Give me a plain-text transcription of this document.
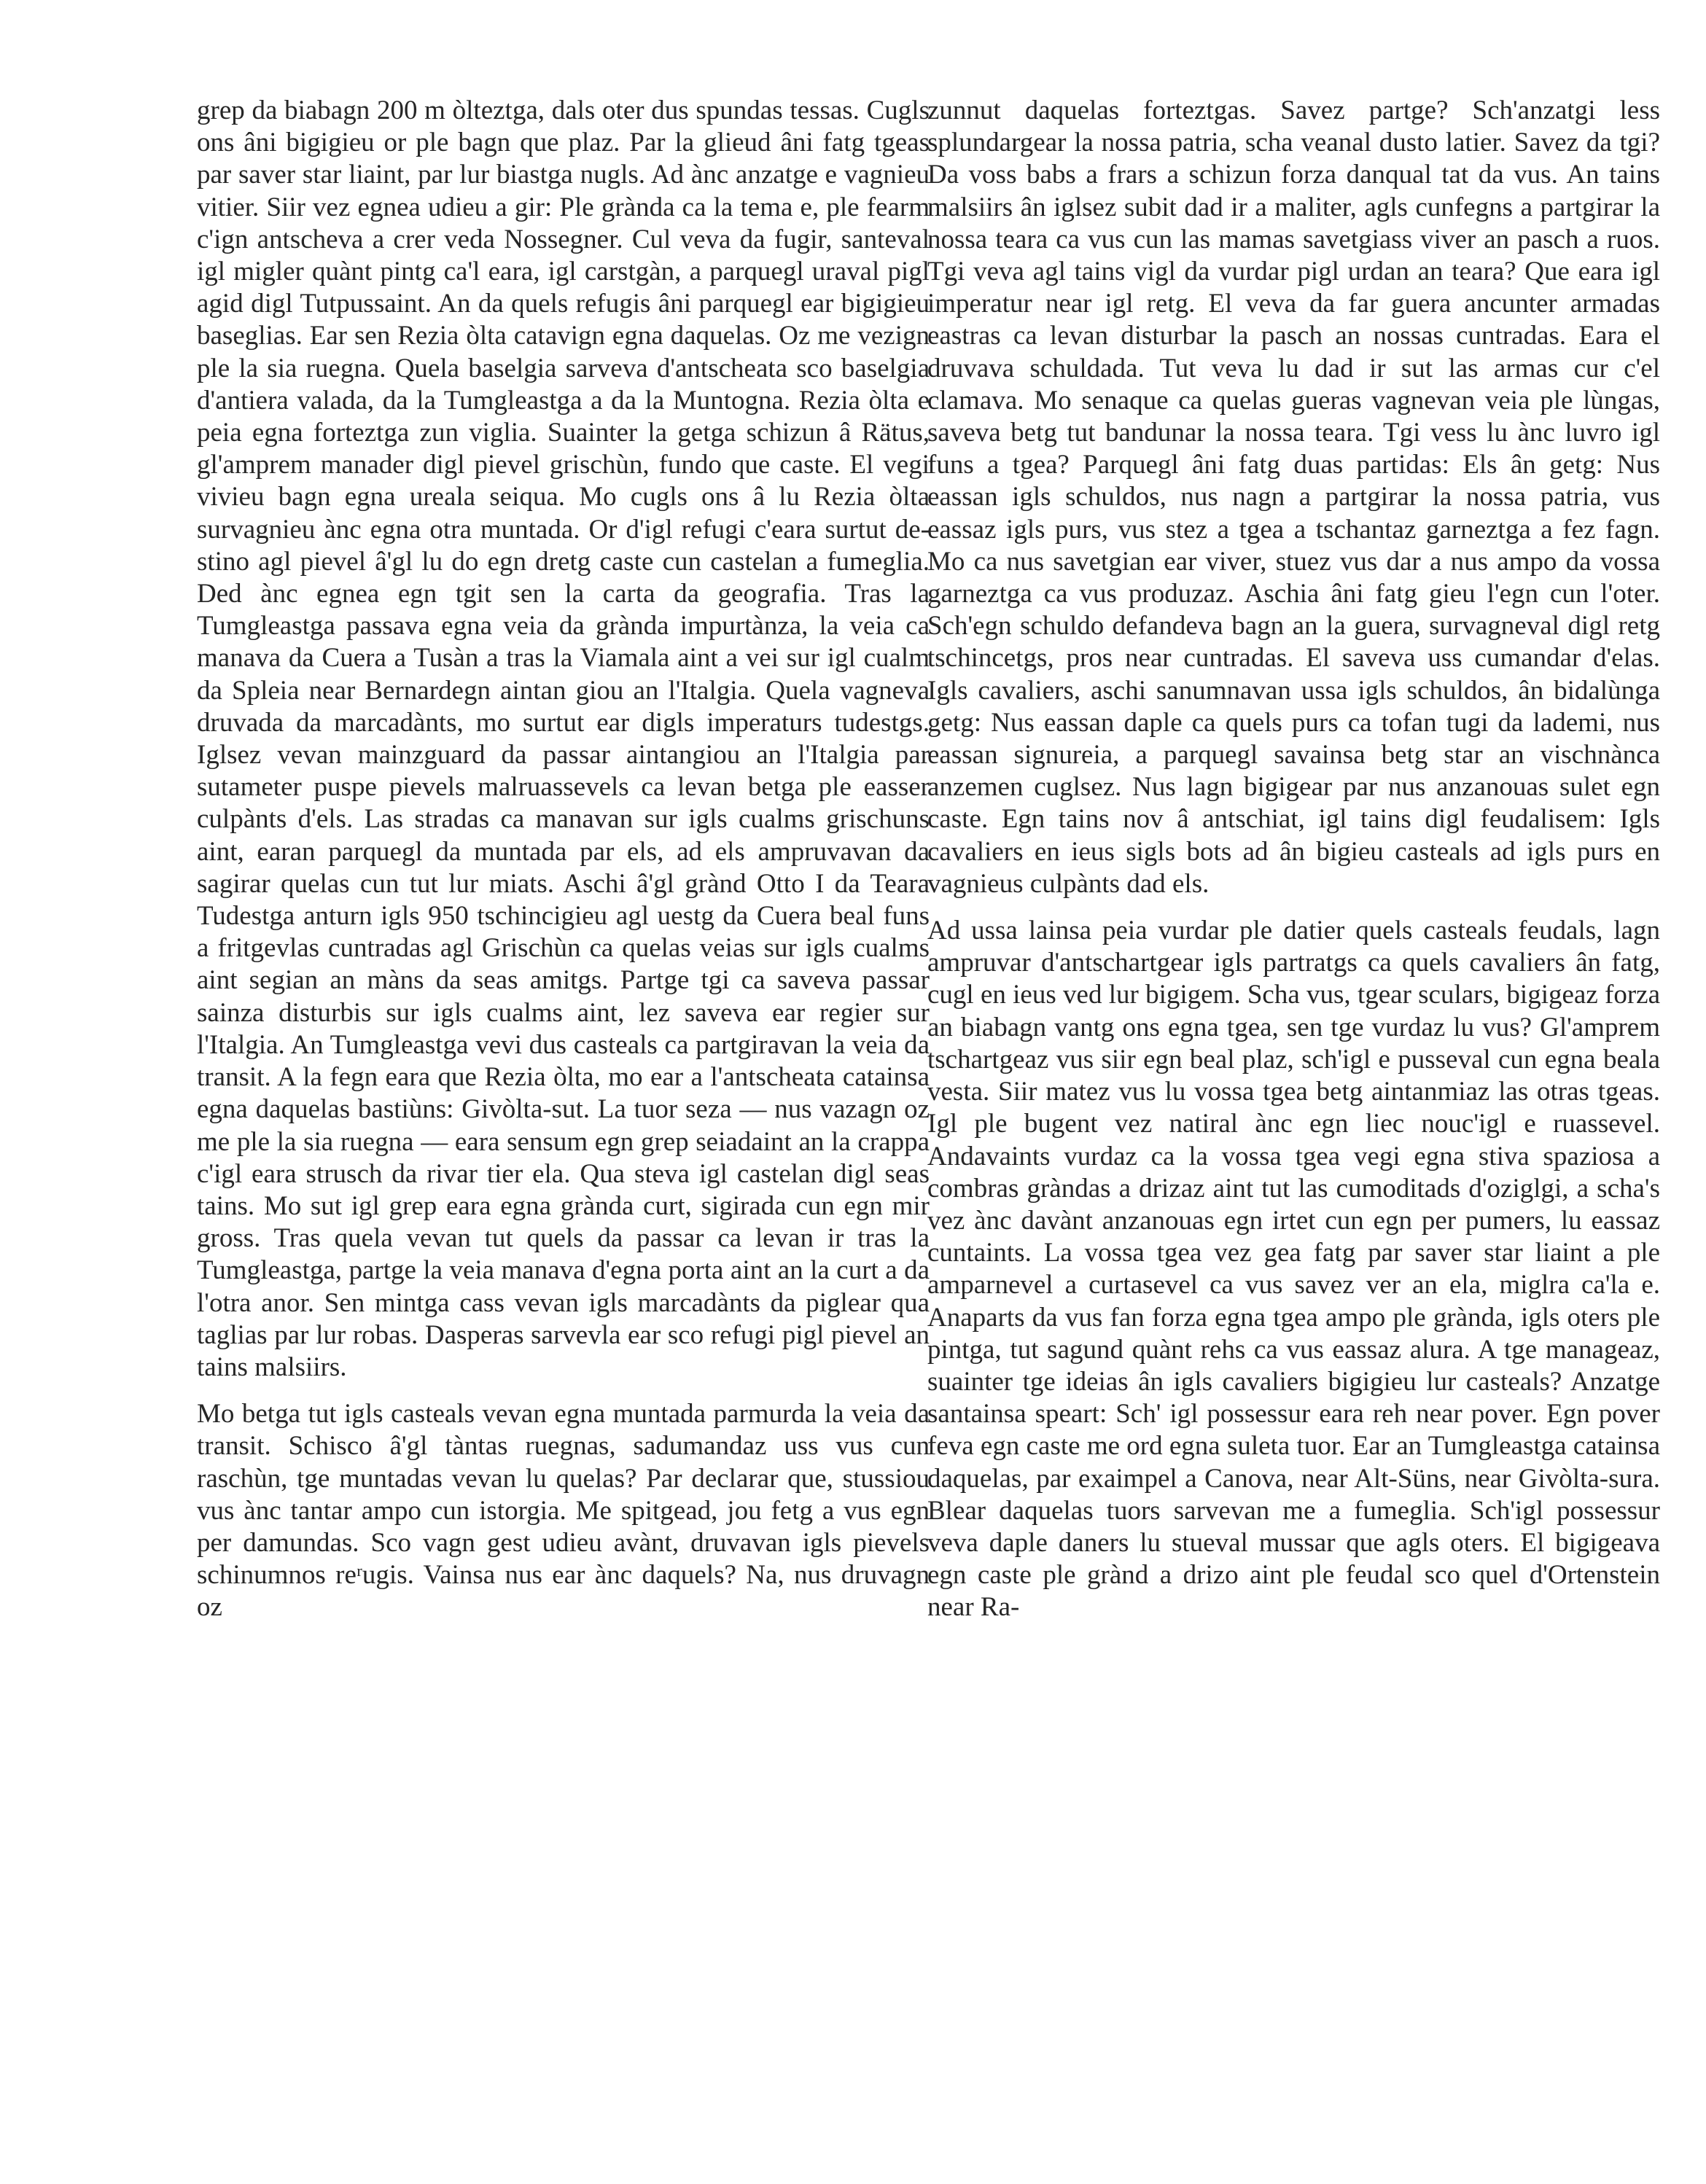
grep da biabagn 200 m òlteztga, dals oter dus spundas tessas. Cugls ons âni bigigieu or ple bagn que plaz. Par la glieud âni fatg tgeas par saver star liaint, par lur biastga nugls. Ad ànc anzatge e vagnieu vitier. Siir vez egnea udieu a gir: Ple grànda ca la tema e, ple fearm c'ign antscheva a crer veda Nossegner. Cul veva da fugir, santeval igl migler quànt pintg ca'l eara, igl carstgàn, a parquegl uraval pigl agid digl Tutpussaint. An da quels refugis âni parquegl ear bigigieu baseglias. Ear sen Rezia òlta catavign egna daquelas. Oz me vezign ple la sia ruegna. Quela baselgia sarveva d'antscheata sco baselgia d'antiera valada, da la Tumgleastga a da la Muntogna. Rezia òlta e peia egna forteztga zun viglia. Suainter la getga schizun â Rätus, gl'amprem manader digl pievel grischùn, fundo que caste. El vegi vivieu bagn egna ureala seiqua. Mo cugls ons â lu Rezia òlta survagnieu ànc egna otra muntada. Or d'igl refugi c'eara surtut destino agl pievel â'gl lu do egn dretg caste cun castelan a fumeglia. Ded ànc egnea egn tgit sen la carta da geografia. Tras la Tumgleastga passava egna veia da grànda impurtànza, la veia ca manava da Cuera a Tusàn a tras la Viamala aint a vei sur igl cualm da Spleia near Bernardegn aintan giou an l'Italgia. Quela vagneva druvada da marcadànts, mo surtut ear digls imperaturs tudestgs. Iglsez vevan mainzguard da passar aintangiou an l'Italgia par sutameter puspe pievels malruassevels ca levan betga ple easser culpànts d'els. Las stradas ca manavan sur igls cualms grischuns aint, earan parquegl da muntada par els, ad els ampruvavan da sagirar quelas cun tut lur miats. Aschi â'gl grànd Otto I da Teara Tudestga anturn igls 950 tschincigieu agl uestg da Cuera beal funs a fritgevlas cuntradas agl Grischùn ca quelas veias sur igls cualms aint segian an màns da seas amitgs. Partge tgi ca saveva passar sainza disturbis sur igls cualms aint, lez saveva ear regier sur l'Italgia. An Tumgleastga vevi dus casteals ca partgiravan la veia da transit. A la fegn eara que Rezia òlta, mo ear a l'antscheata catainsa egna daquelas bastiùns: Givòlta-sut. La tuor seza — nus vazagn oz me ple la sia ruegna — eara sensum egn grep seiadaint an la crappa c'igl eara strusch da rivar tier ela. Qua steva igl castelan digl seas tains. Mo sut igl grep eara egna grànda curt, sigirada cun egn mir gross. Tras quela vevan tut quels da passar ca levan ir tras la Tumgleastga, partge la veia manava d'egna porta aint an la curt a da l'otra anor. Sen mintga cass vevan igls marcadànts da piglear qua taglias par lur robas. Dasperas sarvevla ear sco refugi pigl pievel an tains malsiirs.

Mo betga tut igls casteals vevan egna muntada parmurda la veia da transit. Schisco â'gl tàntas ruegnas, sadumandaz uss vus cun raschùn, tge muntadas vevan lu quelas? Par declarar que, stussiou vus ànc tantar ampo cun istorgia. Me spitgead, jou fetg a vus egn per damundas. Sco vagn gest udieu avànt, druvavan igls pievels schinumnos reʳugis. Vainsa nus ear ànc daquels? Na, nus druvagn oz

zunnut daquelas forteztgas. Savez partge? Sch'anzatgi less splundargear la nossa patria, scha veanal dusto latier. Savez da tgi? Da voss babs a frars a schizun forza danqual tat da vus. An tains malsiirs ân iglsez subit dad ir a maliter, agls cunfegns a partgirar la nossa teara ca vus cun las mamas savetgiass viver an pasch a ruos. Tgi veva agl tains vigl da vurdar pigl urdan an teara? Que eara igl imperatur near igl retg. El veva da far guera ancunter armadas eastras ca levan disturbar la pasch an nossas cuntradas. Eara el druvava schuldada. Tut veva lu dad ir sut las armas cur c'el clamava. Mo senaque ca quelas gueras vagnevan veia ple lùngas, saveva betg tut bandunar la nossa teara. Tgi vess lu ànc luvro igl funs a tgea? Parquegl âni fatg duas partidas: Els ân getg: Nus eassan igls schuldos, nus nagn a partgirar la nossa patria, vus eassaz igls purs, vus stez a tgea a tschantaz garneztga a fez fagn. Mo ca nus savetgian ear viver, stuez vus dar a nus ampo da vossa garneztga ca vus produzaz. Aschia âni fatg gieu l'egn cun l'oter. Sch'egn schuldo defandeva bagn an la guera, survagneval digl retg tschincetgs, pros near cuntradas. El saveva uss cumandar d'elas. Igls cavaliers, aschi sanumnavan ussa igls schuldos, ân bidalùnga getg: Nus eassan daple ca quels purs ca tofan tugi da lademi, nus eassan signureia, a parquegl savainsa betg star an vischnànca anzemen cuglsez. Nus lagn bigigear par nus anzanouas sulet egn caste. Egn tains nov â antschiat, igl tains digl feudalisem: Igls cavaliers en ieus sigls bots ad ân bigieu casteals ad igls purs en vagnieus culpànts dad els.

Ad ussa lainsa peia vurdar ple datier quels casteals feudals, lagn ampruvar d'antschartgear igls partratgs ca quels cavaliers ân fatg, cugl en ieus ved lur bigigem. Scha vus, tgear sculars, bigigeaz forza an biabagn vantg ons egna tgea, sen tge vurdaz lu vus? Gl'amprem tschartgeaz vus siir egn beal plaz, sch'igl e pusseval cun egna beala vesta. Siir matez vus lu vossa tgea betg aintanmiaz las otras tgeas. Igl ple bugent vez natiral ànc egn liec nouc'igl e ruassevel. Andavaints vurdaz ca la vossa tgea vegi egna stiva spaziosa a combras gràndas a drizaz aint tut las cumoditads d'oziglgi, a scha's vez ànc davànt anzanouas egn irtet cun egn per pumers, lu eassaz cuntaints. La vossa tgea vez gea fatg par saver star liaint a ple amparnevel a curtasevel ca vus savez ver an ela, miglra ca'la e. Anaparts da vus fan forza egna tgea ampo ple grànda, igls oters ple pintga, tut sagund quànt rehs ca vus eassaz alura. A tge manageaz, suainter tge ideias ân igls cavaliers bigigieu lur casteals? Anzatge santainsa speart: Sch' igl possessur eara reh near pover. Egn pover feva egn caste me ord egna suleta tuor. Ear an Tumgleastga catainsa daquelas, par exaimpel a Canova, near Alt-Süns, near Givòlta-sura. Blear daquelas tuors sarvevan me a fumeglia. Sch'igl possessur veva daple daners lu stueval mussar que agls oters. El bigigeava egn caste ple grànd a drizo aint ple feudal sco quel d'Ortenstein near Ra-
